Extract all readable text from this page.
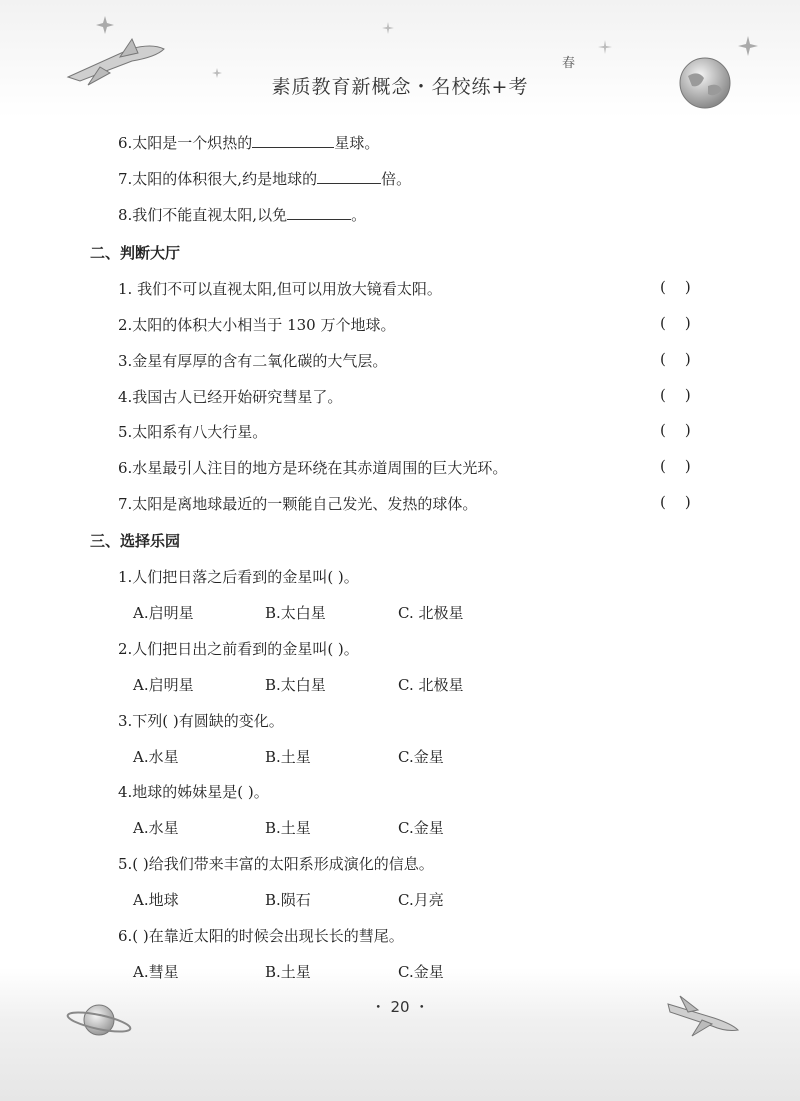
春
素质教育新概念・名校练+考
6.太阳是一个炽热的	星球。
7.太阳的体积很大,约是地球的	倍。
8.我们不能直视太阳,以免	。
二、判断大厅
1. 我们不可以直视太阳,但可以用放大镜看太阳。	(    )
2.太阳的体积大小相当于 130 万个地球。	(    )
3.金星有厚厚的含有二氧化碳的大气层。	(    )
4.我国古人已经开始研究彗星了。	(    )
5.太阳系有八大行星。	(    )
6.水星最引人注目的地方是环绕在其赤道周围的巨大光环。	(    )
7.太阳是离地球最近的一颗能自己发光、发热的球体。	(    )
三、选择乐园
1.人们把日落之后看到的金星叫( )。
A.启明星	B.太白星	C. 北极星
2.人们把日出之前看到的金星叫( )。
A.启明星	B.太白星	C. 北极星
3.下列( )有圆缺的变化。
A.水星	B.土星	C.金星
4.地球的姊妹星是( )。
A.水星	B.土星	C.金星
5.( )给我们带来丰富的太阳系形成演化的信息。
A.地球	B.陨石	C.月亮
6.( )在靠近太阳的时候会出现长长的彗尾。
A.彗星	B.土星	C.金星
・ 20 ・
